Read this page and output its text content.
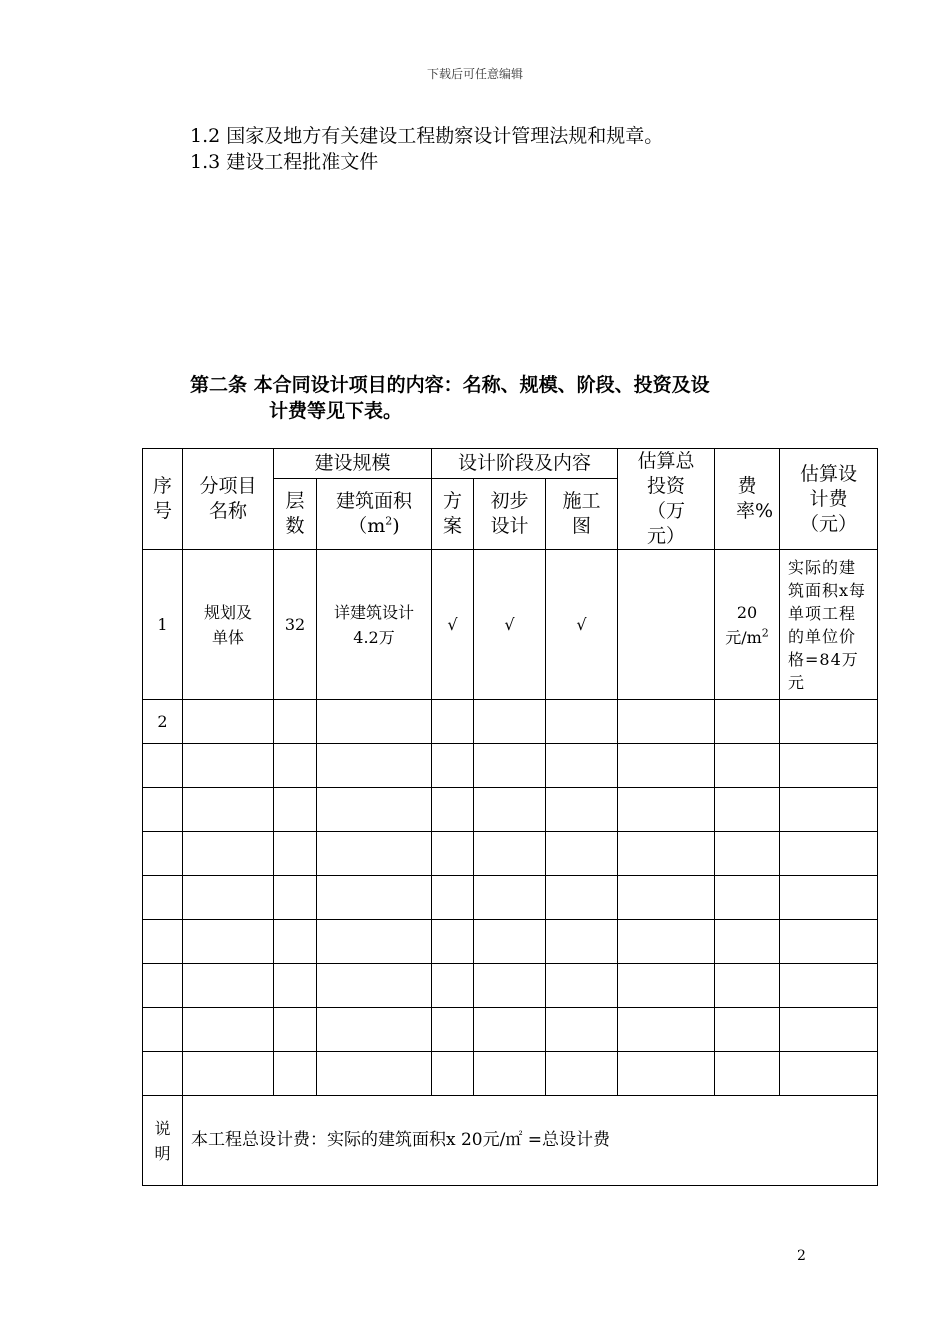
下载后可任意编辑
1.2 国家及地方有关建设工程勘察设计管理法规和规章。
1.3 建设工程批准文件
第二条 本合同设计项目的内容：名称、规模、阶段、投资及设
计费等见下表。
序号	分项目名称	建设规模		设计阶段及内容			估算总投资（万元）	费率%	估算设计费（元）

		层数	建筑面积$(m^2)$	方案	初步设计	施工图			

1	规划及单体	32	详建筑设计4.2万	√	√	√		20元$/m^2$	实际的建筑面积x每单项工程的单位价格=84万元

2									

说明	本工程总设计费：实际的建筑面积x 20元/㎡ =总设计费								
2
